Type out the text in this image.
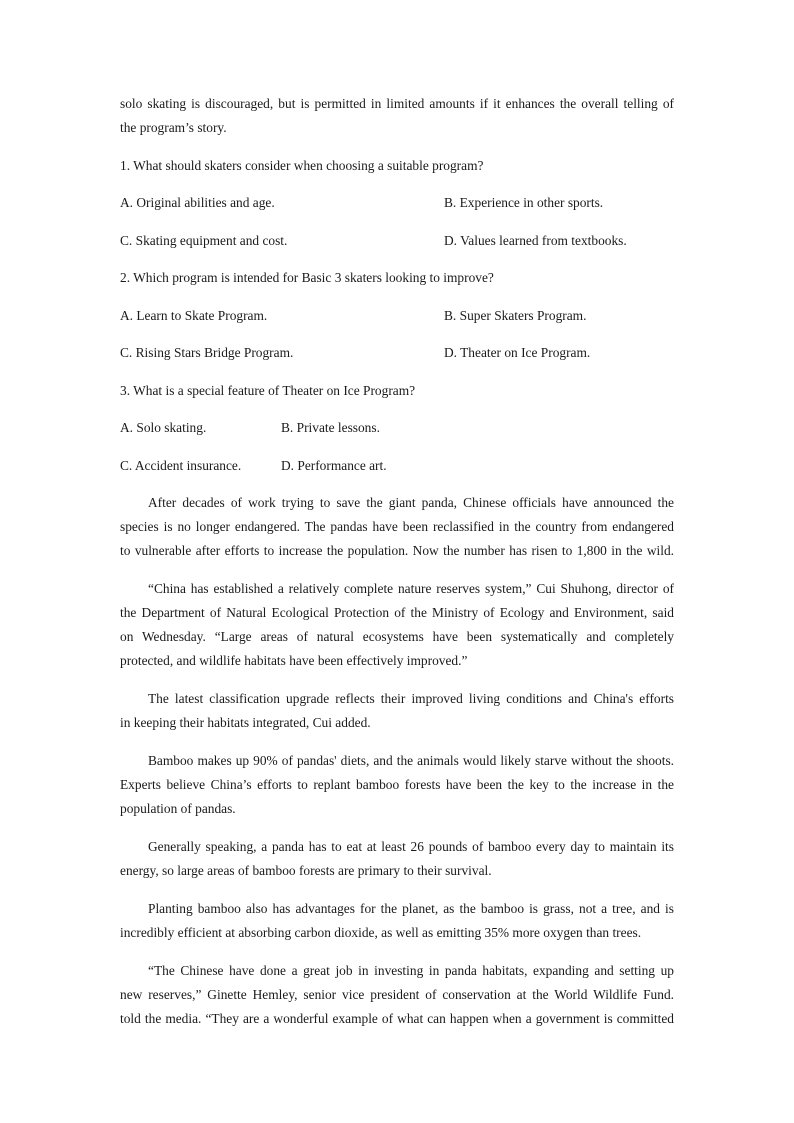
solo skating is discouraged, but is permitted in limited amounts if it enhances the overall telling of
the program’s story.
1. What should skaters consider when choosing a suitable program?
A. Original abilities and age.	B. Experience in other sports.
C. Skating equipment and cost.	D. Values learned from textbooks.
2. Which program is intended for Basic 3 skaters looking to improve?
A. Learn to Skate Program.	B. Super Skaters Program.
C. Rising Stars Bridge Program.	D. Theater on Ice Program.
3. What is a special feature of Theater on Ice Program?
A. Solo skating.	B. Private lessons.
C. Accident insurance.	D. Performance art.
After decades of work trying to save the giant panda, Chinese officials have announced the
species is no longer endangered. The pandas have been reclassified in the country from endangered
to vulnerable after efforts to increase the population. Now the number has risen to 1,800 in the wild.
“China has established a relatively complete nature reserves system,” Cui Shuhong, director of
the Department of Natural Ecological Protection of the Ministry of Ecology and Environment, said
on Wednesday. “Large areas of natural ecosystems have been systematically and completely
protected, and wildlife habitats have been effectively improved.”
The latest classification upgrade reflects their improved living conditions and China's efforts
in keeping their habitats integrated, Cui added.
Bamboo makes up 90% of pandas' diets, and the animals would likely starve without the shoots.
Experts believe China’s efforts to replant bamboo forests have been the key to the increase in the
population of pandas.
Generally speaking, a panda has to eat at least 26 pounds of bamboo every day to maintain its
energy, so large areas of bamboo forests are primary to their survival.
Planting bamboo also has advantages for the planet, as the bamboo is grass, not a tree, and is
incredibly efficient at absorbing carbon dioxide, as well as emitting 35% more oxygen than trees.
“The Chinese have done a great job in investing in panda habitats, expanding and setting up
new reserves,” Ginette Hemley, senior vice president of conservation at the World Wildlife Fund.
told the media. “They are a wonderful example of what can happen when a government is committed
